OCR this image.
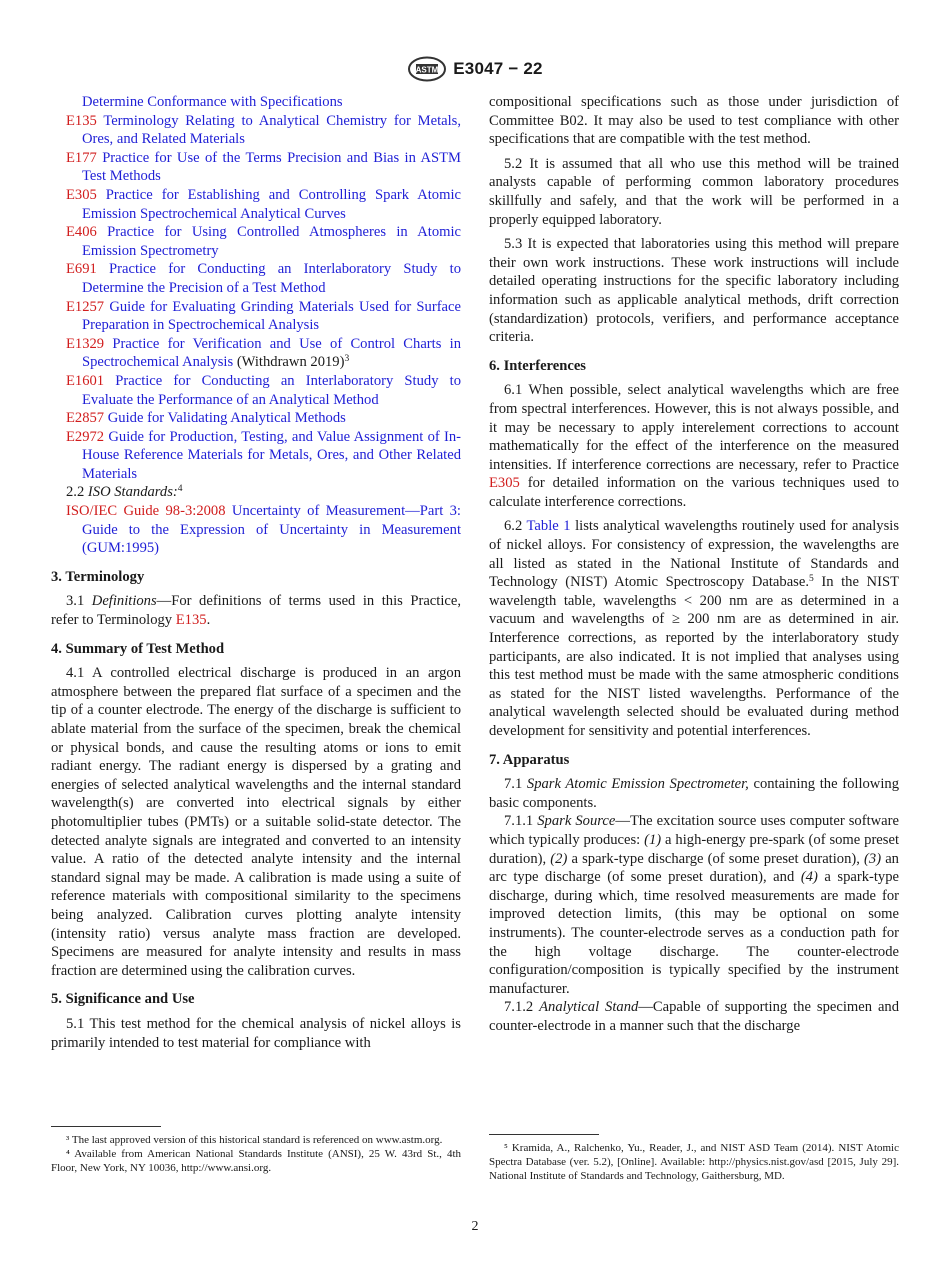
ASTM E3047 − 22

Determine Conformance with Specifications

E135 Terminology Relating to Analytical Chemistry for Metals, Ores, and Related Materials

E177 Practice for Use of the Terms Precision and Bias in ASTM Test Methods

E305 Practice for Establishing and Controlling Spark Atomic Emission Spectrochemical Analytical Curves

E406 Practice for Using Controlled Atmospheres in Atomic Emission Spectrometry

E691 Practice for Conducting an Interlaboratory Study to Determine the Precision of a Test Method

E1257 Guide for Evaluating Grinding Materials Used for Surface Preparation in Spectrochemical Analysis

E1329 Practice for Verification and Use of Control Charts in Spectrochemical Analysis (Withdrawn 2019)$^3$

E1601 Practice for Conducting an Interlaboratory Study to Evaluate the Performance of an Analytical Method

E2857 Guide for Validating Analytical Methods

E2972 Guide for Production, Testing, and Value Assignment of In-House Reference Materials for Metals, Ores, and Other Related Materials

2.2 ISO Standards:$^4$

ISO/IEC Guide 98-3:2008 Uncertainty of Measurement—Part 3: Guide to the Expression of Uncertainty in Measurement (GUM:1995)

3. Terminology

3.1 Definitions—For definitions of terms used in this Practice, refer to Terminology E135.

4. Summary of Test Method

4.1 A controlled electrical discharge is produced in an argon atmosphere between the prepared flat surface of a specimen and the tip of a counter electrode. The energy of the discharge is sufficient to ablate material from the surface of the specimen, break the chemical or physical bonds, and cause the resulting atoms or ions to emit radiant energy. The radiant energy is dispersed by a grating and energies of selected analytical wavelengths and the internal standard wavelength(s) are converted into electrical signals by either photomultiplier tubes (PMTs) or a suitable solid-state detector. The detected analyte signals are integrated and converted to an intensity value. A ratio of the detected analyte intensity and the internal standard signal may be made. A calibration is made using a suite of reference materials with compositional similarity to the specimens being analyzed. Calibration curves plotting analyte intensity (intensity ratio) versus analyte mass fraction are developed. Specimens are measured for analyte intensity and results in mass fraction are determined using the calibration curves.

5. Significance and Use

5.1 This test method for the chemical analysis of nickel alloys is primarily intended to test material for compliance with

compositional specifications such as those under jurisdiction of Committee B02. It may also be used to test compliance with other specifications that are compatible with the test method.

5.2 It is assumed that all who use this method will be trained analysts capable of performing common laboratory procedures skillfully and safely, and that the work will be performed in a properly equipped laboratory.

5.3 It is expected that laboratories using this method will prepare their own work instructions. These work instructions will include detailed operating instructions for the specific laboratory including information such as applicable analytical methods, drift correction (standardization) protocols, verifiers, and performance acceptance criteria.

6. Interferences

6.1 When possible, select analytical wavelengths which are free from spectral interferences. However, this is not always possible, and it may be necessary to apply interelement corrections to account mathematically for the effect of the interference on the measured intensities. If interference corrections are necessary, refer to Practice E305 for detailed information on the various techniques used to calculate interference corrections.

6.2 Table 1 lists analytical wavelengths routinely used for analysis of nickel alloys. For consistency of expression, the wavelengths are all listed as stated in the National Institute of Standards and Technology (NIST) Atomic Spectroscopy Database.$^5$ In the NIST wavelength table, wavelengths < 200 nm are as determined in a vacuum and wavelengths of ≥ 200 nm are as determined in air. Interference corrections, as reported by the interlaboratory study participants, are also indicated. It is not implied that analyses using this test method must be made with the same atmospheric conditions as stated for the NIST listed wavelengths. Performance of the analytical wavelength selected should be evaluated during method development for sensitivity and potential interferences.

7. Apparatus

7.1 Spark Atomic Emission Spectrometer, containing the following basic components.

7.1.1 Spark Source—The excitation source uses computer software which typically produces: (1) a high-energy pre-spark (of some preset duration), (2) a spark-type discharge (of some preset duration), (3) an arc type discharge (of some preset duration), and (4) a spark-type discharge, during which, time resolved measurements are made for improved detection limits, (this may be optional on some instruments). The counter-electrode serves as a conduction path for the high voltage discharge. The counter-electrode configuration/composition is typically specified by the instrument manufacturer.

7.1.2 Analytical Stand—Capable of supporting the specimen and counter-electrode in a manner such that the discharge

³ The last approved version of this historical standard is referenced on www.astm.org.

⁴ Available from American National Standards Institute (ANSI), 25 W. 43rd St., 4th Floor, New York, NY 10036, http://www.ansi.org.

⁵ Kramida, A., Ralchenko, Yu., Reader, J., and NIST ASD Team (2014). NIST Atomic Spectra Database (ver. 5.2), [Online]. Available: http://physics.nist.gov/asd [2015, July 29]. National Institute of Standards and Technology, Gaithersburg, MD.

2
